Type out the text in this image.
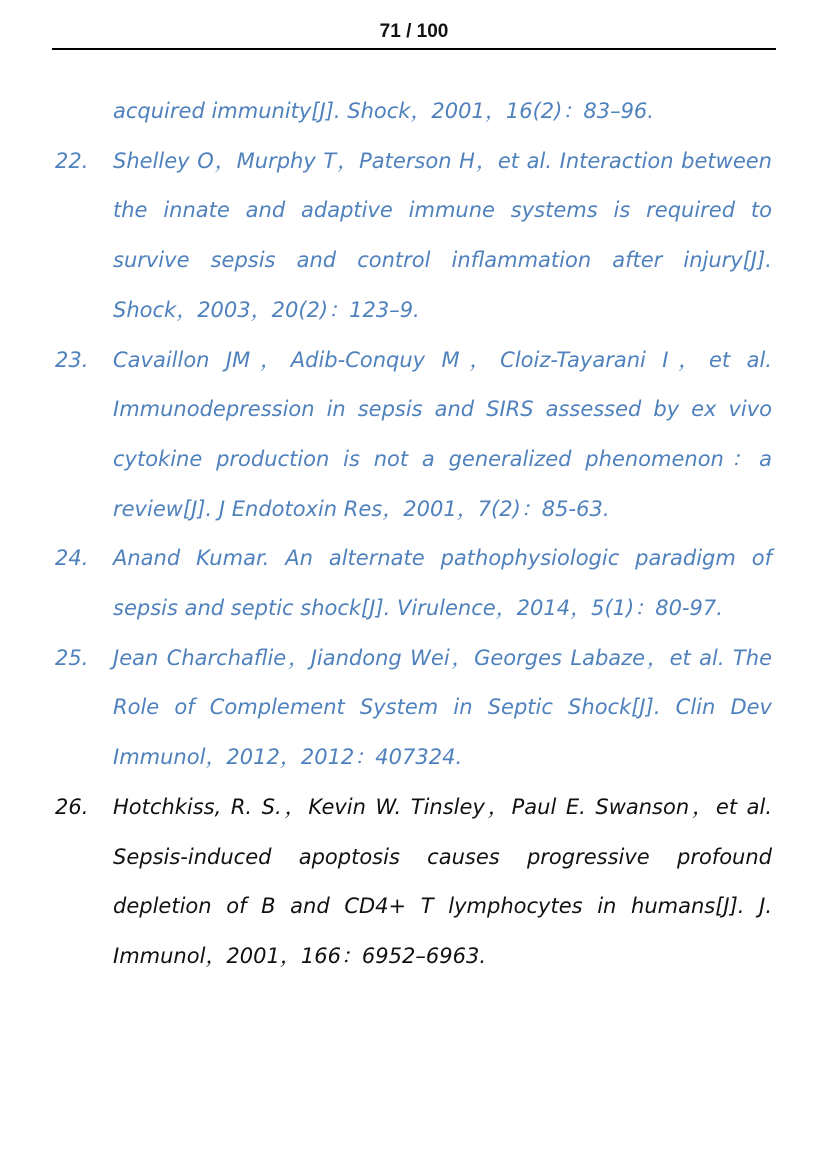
71 / 100
acquired immunity[J]. Shock，2001，16(2)：83–96.
22. Shelley O，Murphy T，Paterson H，et al. Interaction between the innate and adaptive immune systems is required to survive sepsis and control inflammation after injury[J]. Shock，2003，20(2)：123–9.
23. Cavaillon JM，Adib-Conquy M，Cloiz-Tayarani I，et al. Immunodepression in sepsis and SIRS assessed by ex vivo cytokine production is not a generalized phenomenon：a review[J]. J Endotoxin Res，2001，7(2)：85-63.
24. Anand Kumar. An alternate pathophysiologic paradigm of sepsis and septic shock[J]. Virulence，2014，5(1)：80-97.
25. Jean Charchaflie，Jiandong Wei，Georges Labaze，et al. The Role of Complement System in Septic Shock[J]. Clin Dev Immunol，2012，2012：407324.
26. Hotchkiss, R. S.，Kevin W. Tinsley，Paul E. Swanson，et al. Sepsis-induced apoptosis causes progressive profound depletion of B and CD4+ T lymphocytes in humans[J]. J. Immunol，2001，166：6952–6963.
